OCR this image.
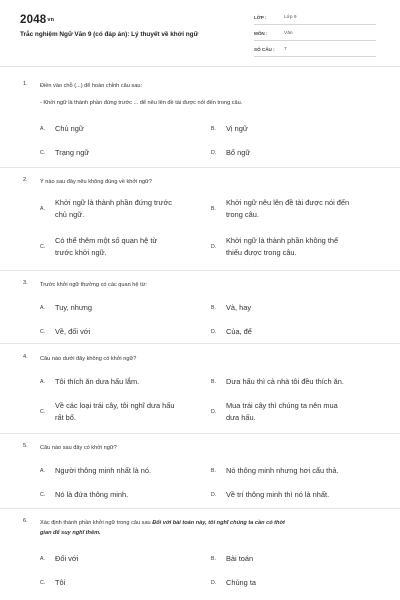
2048vn
Trắc nghiệm Ngữ Văn 9 (có đáp án): Lý thuyết về khởi ngữ
LỚP :	Lớp 9
MÔN :	Văn
SỐ CÂU : 7
1. Điền vào chỗ (...) để hoàn chỉnh câu sau:
- Khởi ngữ là thành phần đứng trước ... để nêu lên đề tài được nói đến trong câu.
A. Chủ ngữ	B. Vị ngữ
C. Trạng ngữ	D. Bổ ngữ
2. Ý nào sau đây nêu không đúng về khởi ngữ?
A.
Khởi ngữ là thành phần đứng trước
chủ ngữ.
B.
Khởi ngữ nêu lên đề tài được nói đến
trong câu.
C.
Có thể thêm một số quan hệ từ
trước khởi ngữ.
D.
Khởi ngữ là thành phần không thể
thiếu được trong câu.
3. Trước khởi ngữ thường có các quan hệ từ:
A. Tuy, nhưng	B. Và, hay
C. Về, đối với	D. Của, để
4. Câu nào dưới đây không có khởi ngữ?
A. Tôi thích ăn dưa hấu lắm.	B. Dưa hấu thì cả nhà tôi đều thích ăn.
C.
Về các loại trái cây, tôi nghĩ dưa hấu
rất bổ.
D.
Mua trái cây thì chúng ta nên mua
dưa hấu.
5. Câu nào sau đây có khởi ngữ?
A. Người thông minh nhất là nó.	B. Nó thông minh nhưng hơi cẩu thả.
C. Nó là đứa thông minh.	D. Về trí thông minh thì nó là nhất.
6. Xác định thành phần khởi ngữ trong câu sau Đối với bài toán này, tôi nghĩ chúng ta cần có thời
gian để suy nghĩ thêm.
A. Đối với	B. Bài toán
C. Tôi	D. Chúng ta
